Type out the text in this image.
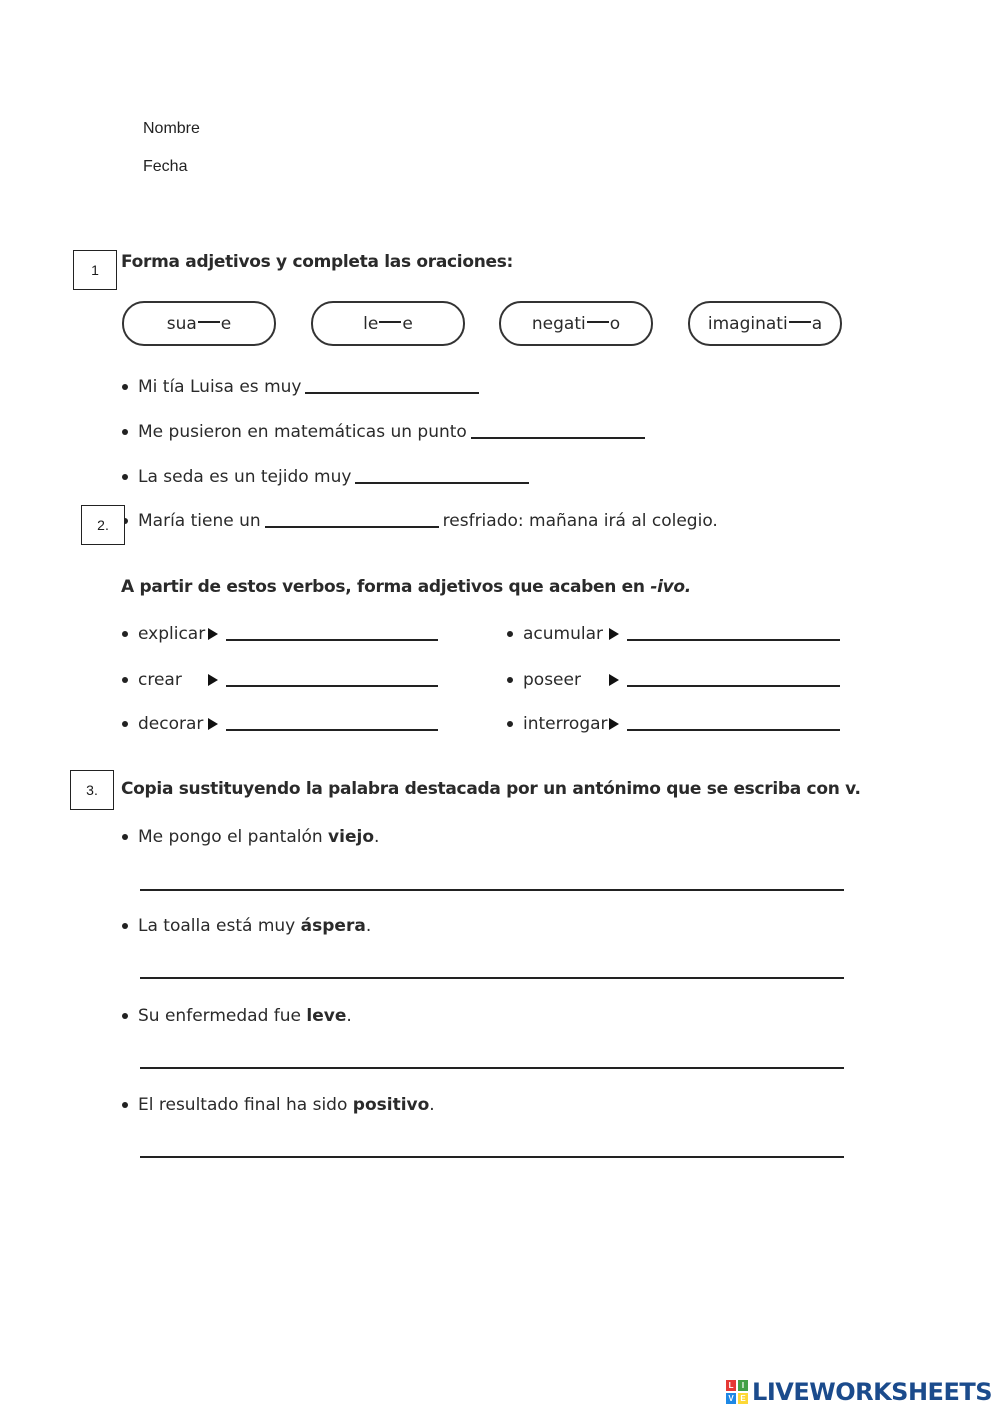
Nombre
Fecha
1	Forma adjetivos y completa las oraciones:
sua e	le e	negati o	imaginati a
Mi tía Luisa es muy
Me pusieron en matemáticas un punto
La seda es un tejido muy
María tiene un	resfriado: mañana irá al colegio.
2.
A partir de estos verbos, forma adjetivos que acaben en -ivo.
explicar
crear
decorar
acumular
poseer
interrogar
3.	Copia sustituyendo la palabra destacada por un antónimo que se escriba con v.
Me pongo el pantalón viejo .
La toalla está muy áspera .
Su enfermedad fue leve .
El resultado final ha sido positivo .
L	I
V E LIVEWORKSHEETS
